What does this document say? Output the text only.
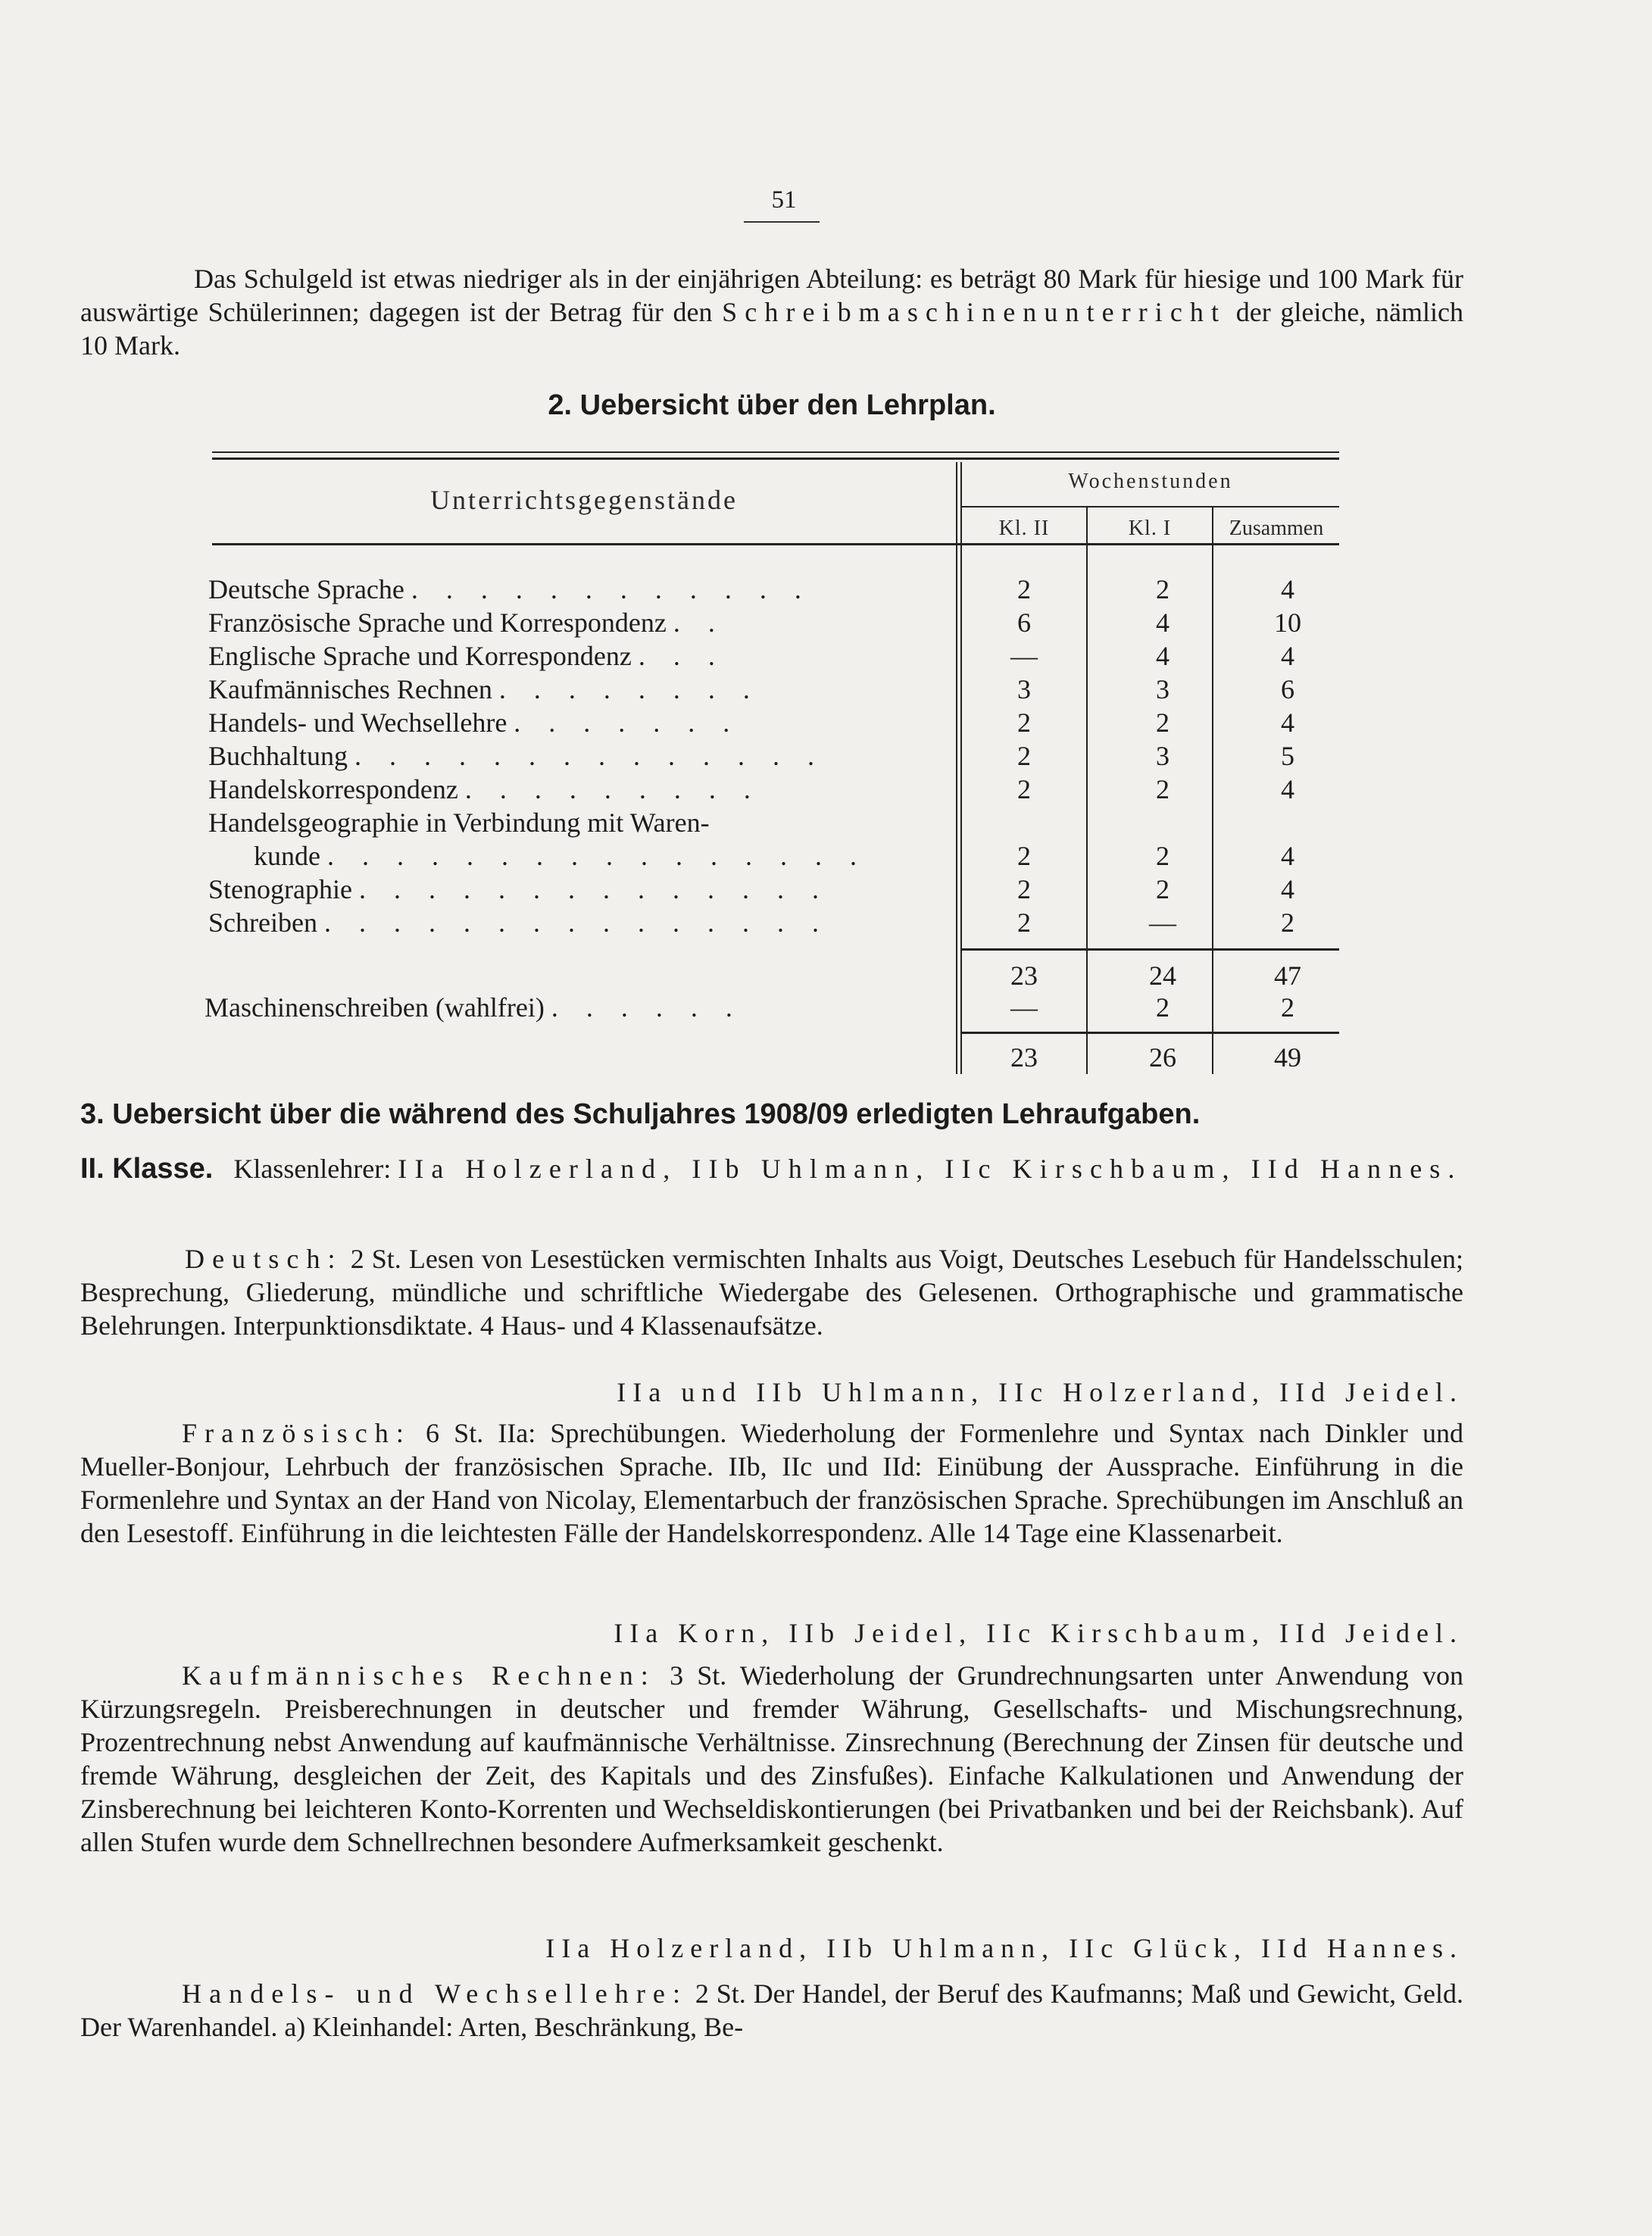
51

Das Schulgeld ist etwas niedriger als in der einjährigen Abteilung: es beträgt 80 Mark für hiesige und 100 Mark für auswärtige Schülerinnen; dagegen ist der Betrag für den Schreibmaschinenunterricht der gleiche, nämlich 10 Mark.

2. Uebersicht über den Lehrplan.
Unterrichtsgegenstände
Wochenstunden
Kl. II	Kl. I	Zusammen
Deutsche Sprache . . . . . . . . . . . .	2	2	4
Französische Sprache und Korrespondenz . .	6	4	10
Englische Sprache und Korrespondenz . . .	—	4	4
Kaufmännisches Rechnen . . . . . . . .	3	3	6
Handels- und Wechsellehre . . . . . . .	2	2	4
Buchhaltung . . . . . . . . . . . . . .	2	3	5
Handelskorrespondenz . . . . . . . . .	2	2	4
Handelsgeographie in Verbindung mit Waren-
kunde . . . . . . . . . . . . . . . .	2	2	4
Stenographie . . . . . . . . . . . . . .	2	2	4
Schreiben . . . . . . . . . . . . . . .	2	—	2
23	24	47
Maschinenschreiben (wahlfrei) . . . . . .	—	2	2
23	26	49
3. Uebersicht über die während des Schuljahres 1908/09 erledigten Lehraufgaben.

II. Klasse. Klassenlehrer: IIa Holzerland, IIb Uhlmann, IIc Kirschbaum, IId Hannes.

Deutsch: 2 St. Lesen von Lesestücken vermischten Inhalts aus Voigt, Deutsches Lesebuch für Handelsschulen; Besprechung, Gliederung, mündliche und schriftliche Wiedergabe des Gelesenen. Orthographische und grammatische Belehrungen. Interpunktionsdiktate. 4 Haus- und 4 Klassenaufsätze.

IIa und IIb Uhlmann, IIc Holzerland, IId Jeidel.

Französisch: 6 St. IIa: Sprechübungen. Wiederholung der Formenlehre und Syntax nach Dinkler und Mueller-Bonjour, Lehrbuch der französischen Sprache. IIb, IIc und IId: Einübung der Aussprache. Einführung in die Formenlehre und Syntax an der Hand von Nicolay, Elementarbuch der französischen Sprache. Sprechübungen im Anschluß an den Lesestoff. Einführung in die leichtesten Fälle der Handelskorrespondenz. Alle 14 Tage eine Klassenarbeit.

IIa Korn, IIb Jeidel, IIc Kirschbaum, IId Jeidel.

Kaufmännisches Rechnen: 3 St. Wiederholung der Grundrechnungsarten unter Anwendung von Kürzungsregeln. Preisberechnungen in deutscher und fremder Währung, Gesellschafts- und Mischungsrechnung, Prozentrechnung nebst Anwendung auf kaufmännische Verhältnisse. Zinsrechnung (Berechnung der Zinsen für deutsche und fremde Währung, desgleichen der Zeit, des Kapitals und des Zinsfußes). Einfache Kalkulationen und Anwendung der Zinsberechnung bei leichteren Konto-Korrenten und Wechseldiskontierungen (bei Privatbanken und bei der Reichsbank). Auf allen Stufen wurde dem Schnellrechnen besondere Aufmerksamkeit geschenkt.

IIa Holzerland, IIb Uhlmann, IIc Glück, IId Hannes.

Handels- und Wechsellehre: 2 St. Der Handel, der Beruf des Kaufmanns; Maß und Gewicht, Geld. Der Warenhandel. a) Kleinhandel: Arten, Beschränkung, Be-
